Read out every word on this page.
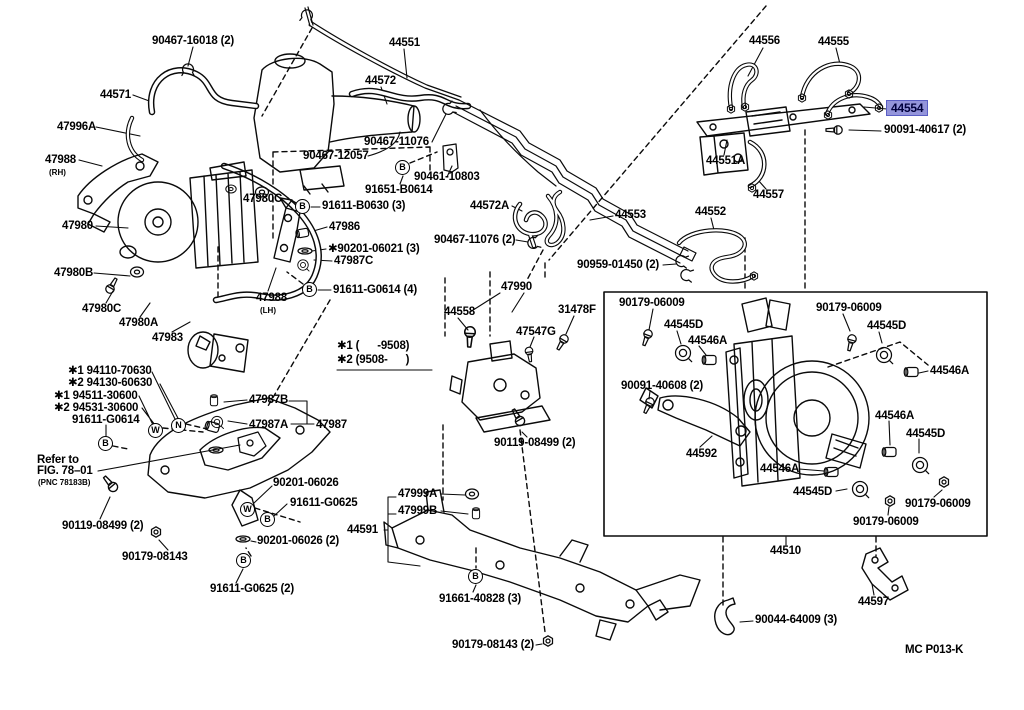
90467-16018 (2)
44571
47996A
47988
(RH)
47980
47980B
47980C
47980A
47983
44551
44572
90467-11076
90467-12057
90461-10803
91651-B0614
91611-B0630 (3)
47980C
47986
✱90201-06021 (3)
47987C
91611-G0614 (4)
47988
(LH)
44556	44555
44554
90091-40617 (2)
44551A
44557
44552
44572A
44553
90467-11076 (2)
90959-01450 (2)
47990
44558	31478F
47547G
✱1 (      -9508)
✱2 (9508-      )
✱1 94110-70630
✱2 94130-60630
✱1 94511-30600
✱2 94531-30600
91611-G0614
Refer to
FIG. 78–01
(PNC 78183B)
47987B
47987A 47987
90201-06026
91611-G0625
90201-06026 (2)
91611-G0625 (2)
90119-08499 (2)
90179-08143
90119-08499 (2)
47999A
47999B
44591
91661-40828 (3)
90179-08143 (2)
90179-06009
44545D
44546A
90091-40608 (2)
44592
90179-06009
44545D
44546A
44546A
44545D
44546A
44545D
90179-06009
90179-06009
44510
44597
90044-64009 (3)
MC P013-K
B
B
B
B
W	N
W
B
B
B
